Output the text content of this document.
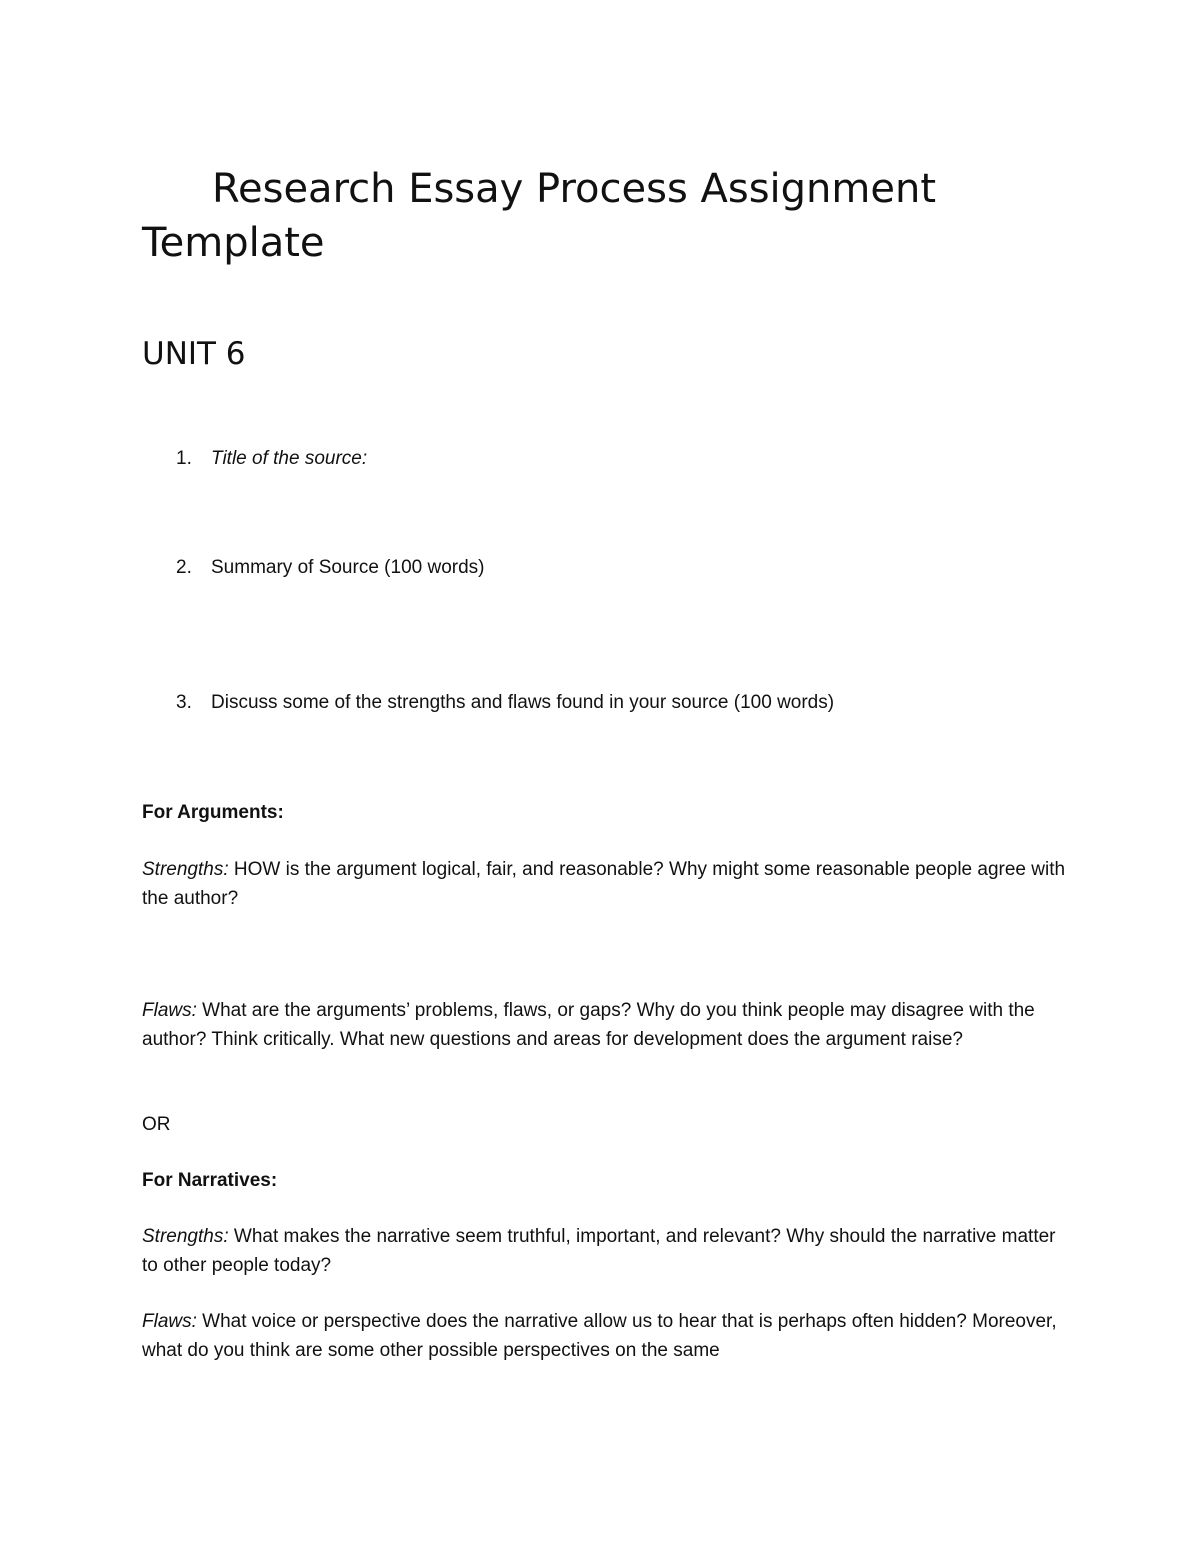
Research Essay Process Assignment Template
UNIT 6
1. Title of the source:
2. Summary of Source (100 words)
3. Discuss some of the strengths and flaws found in your source (100 words)

For Arguments:

Strengths: HOW is the argument logical, fair, and reasonable? Why might some reasonable people agree with the author?

Flaws: What are the arguments’ problems, flaws, or gaps? Why do you think people may disagree with the author? Think critically. What new questions and areas for development does the argument raise?

OR

For Narratives:

Strengths: What makes the narrative seem truthful, important, and relevant? Why should the narrative matter to other people today?

Flaws: What voice or perspective does the narrative allow us to hear that is perhaps often hidden? Moreover, what do you think are some other possible perspectives on the same
